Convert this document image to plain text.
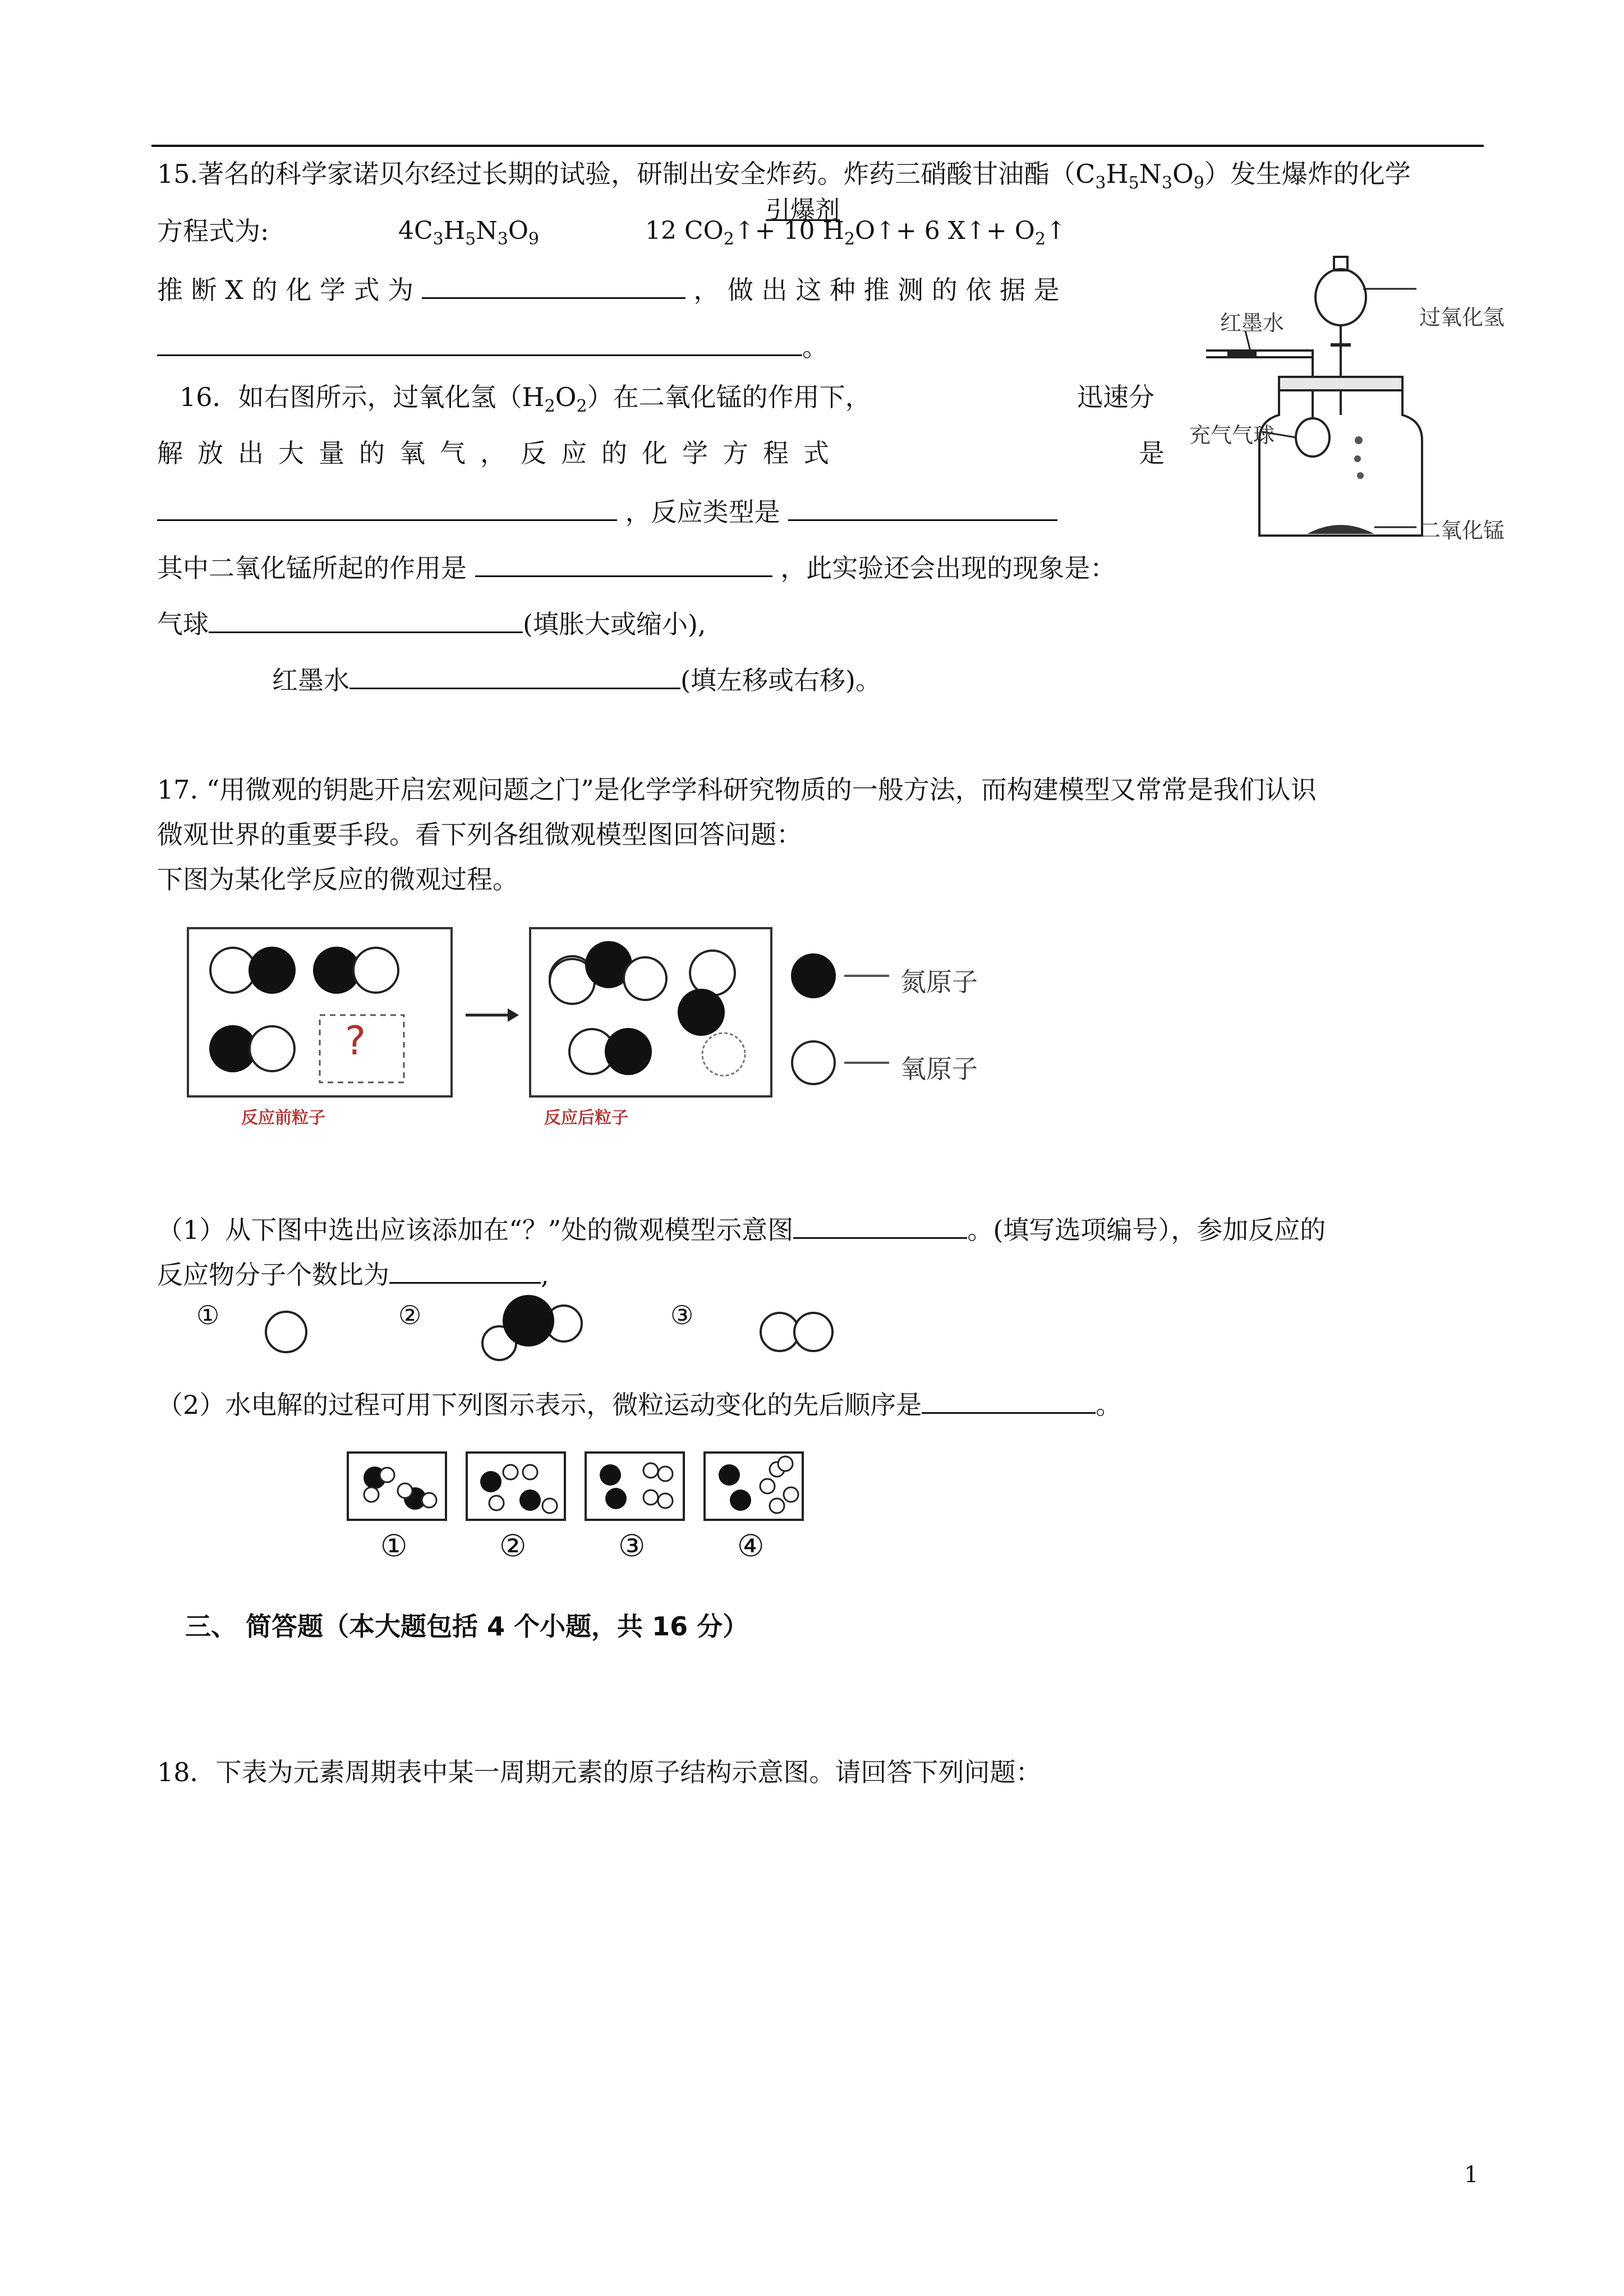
15.著名的科学家诺贝尔经过长期的试验，研制出安全炸药。炸药三硝酸甘油酯$(C_3H_5N_3O_9)$发生爆炸的化学
方程式为:	$4C_3H_5N_3O_9$
引爆剂
12 $CO_2↑+ 10$ $H_2O↑+ 6$ X↑+ $O_2↑$
推 断 X 的 化 学 式 为	， 做 出 这 种 推 测 的 依 据 是
。
红墨水	过氧化氢
充气气球
二氧化锰
16．如右图所示，过氧化氢$(H_2O_2)$在二氧化锰的作用下，	迅速分
解放出大量的氧气，反应的化学方程式	是
，反应类型是
其中二氧化锰所起的作用是	，此实验还会出现的现象是：
气球	(填胀大或缩小),
红墨水	(填左移或右移)。
17. “用微观的钥匙开启宏观问题之门”是化学学科研究物质的一般方法，而构建模型又常常是我们认识
微观世界的重要手段。看下列各组微观模型图回答问题：
下图为某化学反应的微观过程。
?
反应前粒子	反应后粒子
氮原子
氧原子
（1）从下图中选出应该添加在“？”处的微观模型示意图	。(填写选项编号），参加反应的
反应物分子个数比为	,
①	②	③
（2）水电解的过程可用下列图示表示，微粒运动变化的先后顺序是	。
①	②	③	④
三、 简答题（本大题包括 4 个小题，共 16 分）
18．下表为元素周期表中某一周期元素的原子结构示意图。请回答下列问题：
1
